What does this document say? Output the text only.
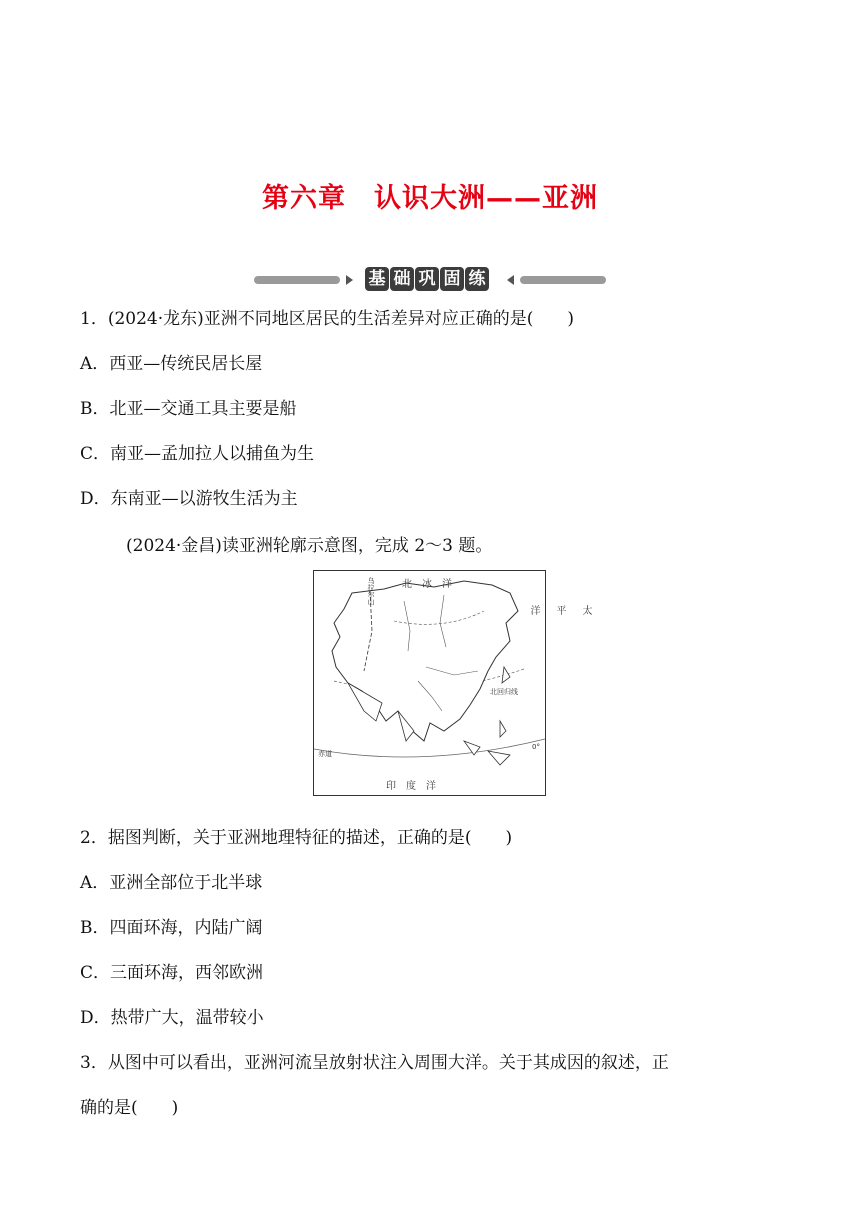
第六章　认识大洲——亚洲
基 础 巩 固 练
1．(2024·龙东)亚洲不同地区居民的生活差异对应正确的是(　　)
A．西亚—传统民居长屋
B．北亚—交通工具主要是船
C．南亚—孟加拉人以捕鱼为生
D．东南亚—以游牧生活为主
(2024·金昌)读亚洲轮廓示意图，完成 2～3 题。
北　冰　洋
太

平

洋
印　度　洋
北回归线
赤道
0°
乌拉尔山
2．据图判断，关于亚洲地理特征的描述，正确的是(　　)
A．亚洲全部位于北半球
B．四面环海，内陆广阔
C．三面环海，西邻欧洲
D．热带广大，温带较小
3．从图中可以看出，亚洲河流呈放射状注入周围大洋。关于其成因的叙述，正
确的是(　　)
